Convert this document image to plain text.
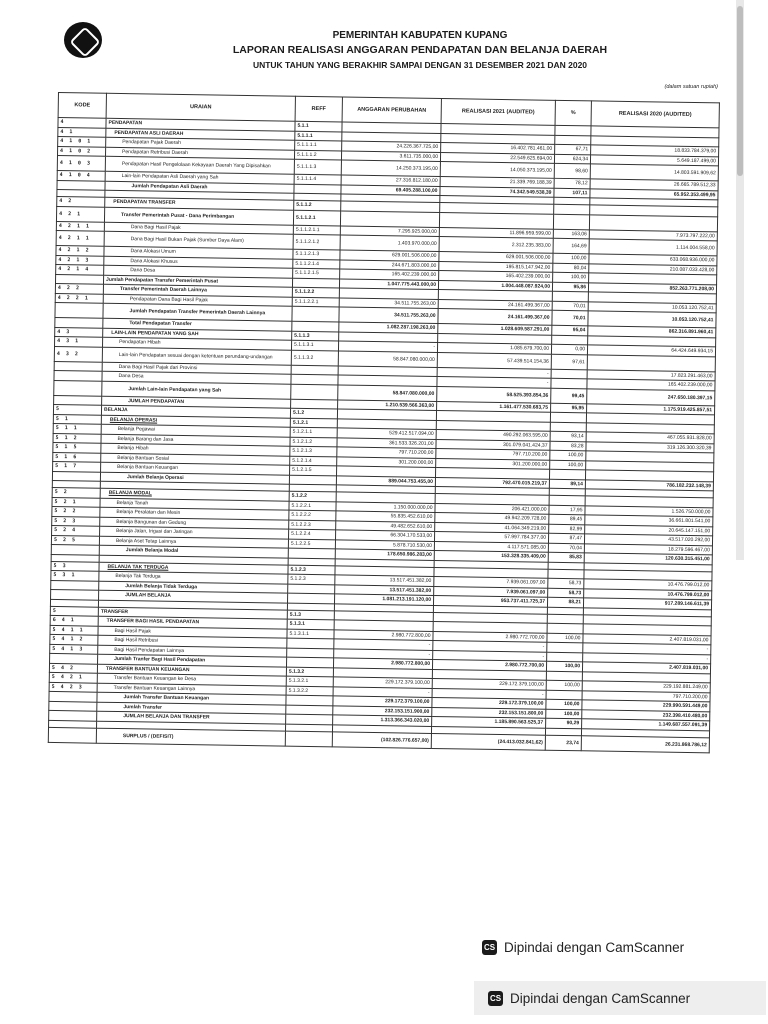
PEMERINTAH KABUPATEN KUPANG
LAPORAN REALISASI ANGGARAN PENDAPATAN DAN BELANJA DAERAH
UNTUK TAHUN YANG BERAKHIR SAMPAI DENGAN 31 DESEMBER 2021 DAN 2020
(dalam satuan rupiah)
KODE	URAIAN	REFF	ANGGARAN PERUBAHAN	REALISASI 2021 (AUDITED)	%	REALISASI 2020 (AUDITED)
4	PENDAPATAN	5.1.1				
4  1	PENDAPATAN ASLI DAERAH	5.1.1.1				
4  1  0  1	Pendapatan Pajak Daerah	5.1.1.1.1	24.226.367.725,00	16.402.781.461,00	67,71	18.833.784.379,00
4  1  0  2	Pendapatan Retribusi Daerah	5.1.1.1.2	3.611.735.000,00	22.549.625.694,00	624,34	5.649.187.499,00
4  1  0  3	Pendapatan Hasil Pengelolaan Kekayaan Daerah Yang Dipisahkan	5.1.1.1.3	14.250.373.195,00	14.050.373.195,00	98,60	14.803.591.909,62
4  1  0  4	Lain-lain Pendapatan Asli Daerah yang Sah	5.1.1.1.4	27.316.812.180,00	21.339.769.188,39	78,12	26.665.789.512,33
	Jumlah Pendapatan Asli Daerah		69.405.288.100,00	74.342.549.538,39	107,11	65.952.353.499,95

4  2	PENDAPATAN TRANSFER	5.1.1.2				
4  2  1	Transfer Pemerintah Pusat - Dana Perimbangan	5.1.1.2.1				
4  2  1  1	Dana Bagi Hasil Pajak	5.1.1.2.1.1	7.295.925.000,00	11.896.959.599,00	163,06	7.973.797.222,00
4  2  1  1	Dana Bagi Hasil Bukan Pajak (Sumber Daya Alam)	5.1.1.2.1.2	1.403.970.000,00	2.312.235.383,00	164,69	1.114.004.558,00
4  2  1  2	Dana Alokasi Umum	5.1.1.2.1.3	629.001.506.000,00	629.001.506.000,00	100,00	633.068.936.000,00
4  2  1  3	Dana Alokasi Khusus	5.1.1.2.1.4	244.671.803.000,00	195.815.147.942,00	80,04	210.087.033.428,00
4  2  1  4	Dana Desa	5.1.1.2.1.5	165.402.239.000,00	165.402.239.000,00	100,00	
	Jumlah Pendapatan Transfer Pemerintah Pusat		1.047.775.443.000,00	1.004.448.087.924,00	95,86	852.263.771.208,00
4  2  2	Transfer Pemerintah Daerah Lainnya	5.1.1.2.2				
4  2  2  1	Pendapatan Dana Bagi Hasil Pajak	5.1.1.2.2.1	34.511.755.263,00	24.161.499.367,00	70,01	10.053.120.752,41
	Jumlah Pendapatan Transfer Pemerintah Daerah Lainnya		34.511.755.263,00	24.161.499.367,00	70,01	10.053.120.752,41
	Total Pendapatan Transfer		1.082.287.198.263,00	1.028.609.587.291,00	95,04	862.316.891.960,41
4  3	LAIN-LAIN PENDAPATAN YANG SAH	5.1.1.3				
4  3  1	Pendapatan Hibah	5.1.1.3.1	-	1.085.679.700,00	0,00	64.424.649.934,15
4  3  2	Lain-lain Pendapatan sesuai dengan ketentuan perundang-undangan	5.1.1.3.2	58.847.080.000,00	57.439.514.154,36	97,61	
	Dana Bagi Hasil Pajak dari Provinsi			-		17.823.291.463,00
	Dana Desa			-		165.402.239.000,00
	Jumlah Lain-lain Pendapatan yang Sah		58.847.080.000,00	58.525.393.854,36	99,45	247.650.180.397,15
	JUMLAH PENDAPATAN		1.210.539.566.363,00	1.161.477.530.683,75	95,95	1.175.919.425.857,51
5	BELANJA	5.1.2				
5  1	BELANJA OPERASI	5.1.2.1				
5  1  1	Belanja Pegawai	5.1.2.1.1	529.412.517.094,00	490.292.063.595,00	93,14	467.055.931.828,00
5  1  2	Belanja Barang dan Jasa	5.1.2.1.2	361.533.326.201,00	301.079.041.424,37	83,28	319.126.300.320,39
5  1  5	Belanja Hibah	5.1.2.1.3	797.710.200,00	797.710.200,00	100,00	
5  1  6	Belanja Bantuan Sosial	5.1.2.1.4	301.200.000,00	301.200.000,00	100,00	
5  1  7	Belanja Bantuan Keuangan	5.1.2.1.5				
	Jumlah Belanja Operasi		889.044.753.455,00	792.470.015.219,37	89,14	786.182.232.148,39

5  2	BELANJA MODAL	5.1.2.2				
5  2  1	Belanja Tanah	5.1.2.2.1	1.150.000.000,00	206.421.000,00	17,95	1.526.750.000,00
5  2  2	Belanja Peralatan dan Mesin	5.1.2.2.2	55.835.452.610,00	49.942.209.728,00	89,45	36.661.801.541,00
5  2  3	Belanja Bangunan dan Gedung	5.1.2.2.3	49.482.652.610,00	41.064.349.219,00	82,99	20.645.147.151,00
5  2  4	Belanja Jalan, Irigasi dan Jaringan	5.1.2.2.4	66.304.170.533,00	57.997.784.377,00	87,47	43.517.020.292,00
5  2  5	Belanja Aset Tetap Lainnya	5.1.2.2.5	5.878.710.530,00	4.117.571.085,00	70,04	18.279.596.467,00
	Jumlah Belanja Modal		178.650.986.283,00	153.328.335.409,00	85,83	120.630.315.451,00

5  3	BELANJA TAK TERDUGA	5.1.2.3				
5  3  1	Belanja Tak Terduga	5.1.2.3	13.517.451.382,00	7.939.061.097,00	58,73	10.476.799.012,00
	Jumlah Belanja Tidak Terduga		13.517.451.382,00	7.939.061.097,00	58,73	10.476.799.012,00
	JUMLAH BELANJA		1.081.213.191.120,00	953.737.411.725,37	88,21	917.289.146.611,39

5	TRANSFER	5.1.3				
6  4  1	TRANSFER BAGI HASIL PENDAPATAN	5.1.3.1				
5  4  1  1	Bagi Hasil Pajak	5.1.3.1.1	2.980.772.800,00	2.980.772.700,00	100,00	2.407.819.031,00
5  4  1  2	Bagi Hasil Retribusi		-	-		-
5  4  1  3	Bagi Hasil Pendapatan Lainnya		-	-		-
	Jumlah Tranfer Bagi Hasil Pendapatan		2.980.772.800,00	2.980.772.700,00	100,00	2.407.819.031,00
5  4  2	TRANSFER BANTUAN KEUANGAN	5.1.3.2				
5  4  2  1	Transfer Bantuan Keuangan ke Desa	5.1.3.2.1	229.172.379.100,00	229.172.379.100,00	100,00	229.192.881.249,00
5  4  2  3	Transfer Bantuan Keuangan Lainnya	5.1.3.2.2	-	-		797.710.200,00
	Jumlah Transfer Bantuan Keuangan		229.172.379.100,00	229.172.379.100,00	100,00	229.990.591.449,00
	Jumlah Transfer		232.153.151.900,00	232.153.151.800,00	100,00	232.398.410.480,00
	JUMLAH BELANJA DAN TRANSFER		1.313.366.343.020,00	1.185.890.563.525,37	90,29	1.149.687.557.091,39

	SURPLUS / (DEFISIT)		(102.826.776.657,00)	(24.413.032.841,62)	23,74	26.231.868.786,12
CS Dipindai dengan CamScanner
CS Dipindai dengan CamScanner
